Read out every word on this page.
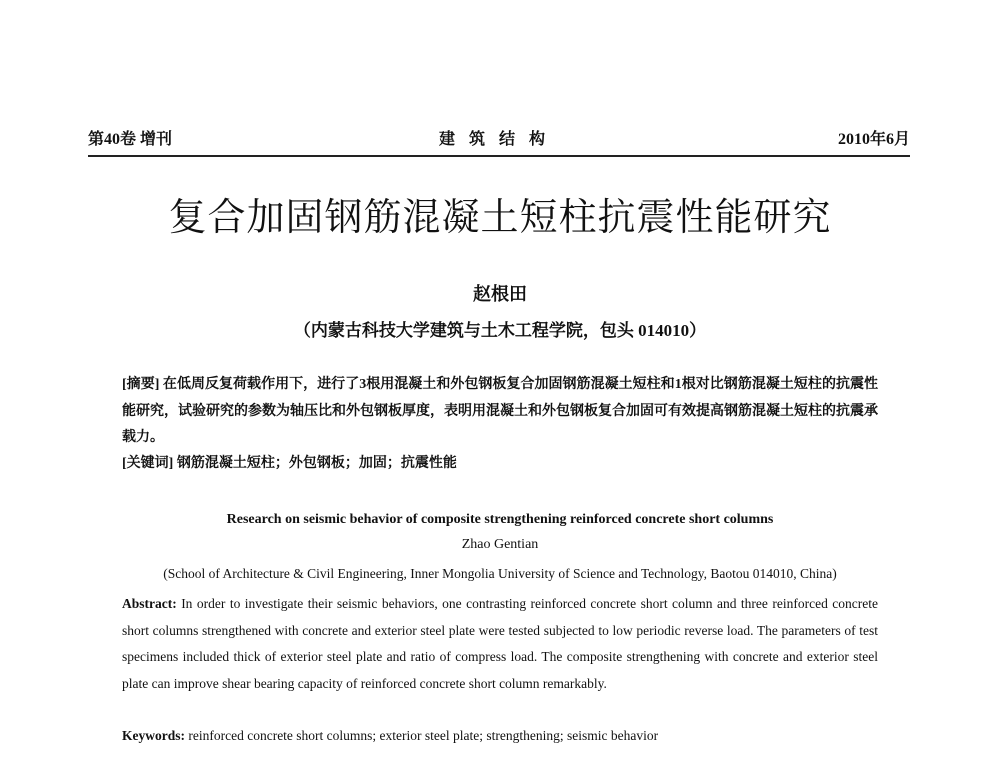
第40卷 增刊	建筑结构	2010年6月
复合加固钢筋混凝土短柱抗震性能研究
赵根田
（内蒙古科技大学建筑与土木工程学院，包头 014010）
[摘要] 在低周反复荷载作用下，进行了3根用混凝土和外包钢板复合加固钢筋混凝土短柱和1根对比钢筋混凝土短柱的抗震性能研究，试验研究的参数为轴压比和外包钢板厚度，表明用混凝土和外包钢板复合加固可有效提高钢筋混凝土短柱的抗震承载力。
[关键词] 钢筋混凝土短柱；外包钢板；加固；抗震性能
Research on seismic behavior of composite strengthening reinforced concrete short columns
Zhao Gentian
(School of Architecture & Civil Engineering, Inner Mongolia University of Science and Technology, Baotou 014010, China)
Abstract: In order to investigate their seismic behaviors, one contrasting reinforced concrete short column and three reinforced concrete short columns strengthened with concrete and exterior steel plate were tested subjected to low periodic reverse load. The parameters of test specimens included thick of exterior steel plate and ratio of compress load. The composite strengthening with concrete and exterior steel plate can improve shear bearing capacity of reinforced concrete short column remarkably.
Keywords: reinforced concrete short columns; exterior steel plate; strengthening; seismic behavior
